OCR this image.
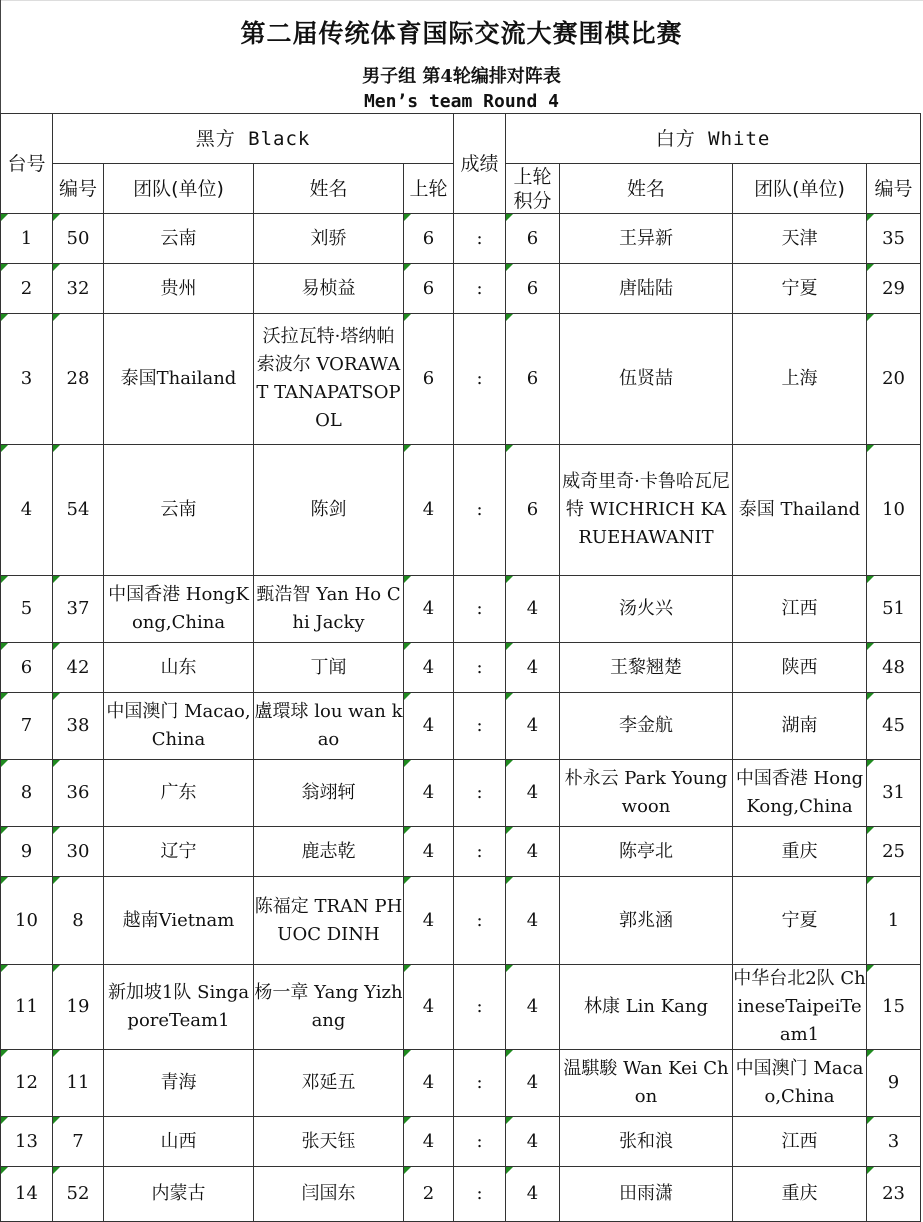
第二届传统体育国际交流大赛围棋比赛
男子组 第4轮编排对阵表
Men’s team Round 4
台号	黑方 Black				成绩	白方 White			
	编号	团队(单位)	姓名	上轮		上轮积分	姓名	团队(单位)	编号
1	50	云南	刘骄	6	:	6	王异新	天津	35
2	32	贵州	易桢益	6	:	6	唐陆陆	宁夏	29
3	28	泰国Thailand	沃拉瓦特·塔纳帕索波尔 VORAWAT TANAPATSOPOL	6	:	6	伍贤喆	上海	20
4	54	云南	陈剑	4	:	6	威奇里奇·卡鲁哈瓦尼特 WICHRICH KARUEHAWANIT	泰国 Thailand	10
5	37	中国香港 HongKong,China	甄浩智 Yan Ho Chi Jacky	4	:	4	汤火兴	江西	51
6	42	山东	丁闻	4	:	4	王黎翘楚	陕西	48
7	38	中国澳门 Macao,China	盧環球 lou wan kao	4	:	4	李金航	湖南	45
8	36	广东	翁翊轲	4	:	4	朴永云 Park Youngwoon	中国香港 HongKong,China	31
9	30	辽宁	鹿志乾	4	:	4	陈亭北	重庆	25
10	8	越南Vietnam	陈福定 TRAN PHUOC DINH	4	:	4	郭兆涵	宁夏	1
11	19	新加坡1队 SingaporeTeam1	杨一章 Yang Yizhang	4	:	4	林康 Lin Kang	中华台北2队 ChineseTaipeiTeam1	15
12	11	青海	邓延五	4	:	4	温騏駿 Wan Kei Chon	中国澳门 Macao,China	9
13	7	山西	张天钰	4	:	4	张和浪	江西	3
14	52	内蒙古	闫国东	2	:	4	田雨潇	重庆	23
